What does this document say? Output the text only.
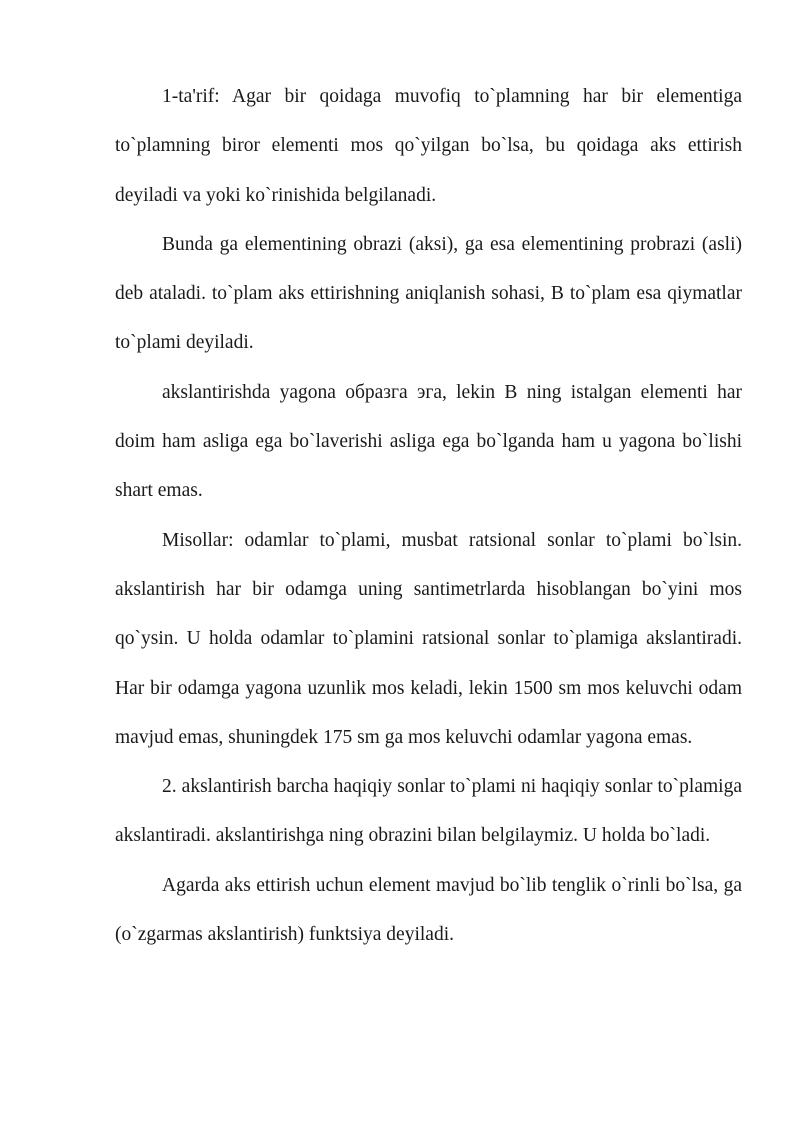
1-ta'rif: Agar bir qoidaga muvofiq to`plamning har bir elementiga to`plamning biror elementi mos qo`yilgan bo`lsa, bu qoidaga aks ettirish deyiladi va yoki ko`rinishida belgilanadi.

Bunda ga elementining obrazi (aksi), ga esa elementining probrazi (asli) deb ataladi. to`plam aks ettirishning aniqlanish sohasi, B to`plam esa qiymatlar to`plami deyiladi.

akslantirishda yagona образга эга, lekin B ning istalgan elementi har doim ham asliga ega bo`laverishi asliga ega bo`lganda ham u yagona bo`lishi shart emas.

Misollar: odamlar to`plami, musbat ratsional sonlar to`plami bo`lsin. akslantirish har bir odamga uning santimetrlarda hisoblangan bo`yini mos qo`ysin. U holda odamlar to`plamini ratsional sonlar to`plamiga akslantiradi. Har bir odamga yagona uzunlik mos keladi, lekin 1500 sm mos keluvchi odam mavjud emas, shuningdek 175 sm ga mos keluvchi odamlar yagona emas.

2. akslantirish barcha haqiqiy sonlar to`plami ni haqiqiy sonlar to`plamiga akslantiradi. akslantirishga ning obrazini bilan belgilaymiz. U holda bo`ladi.

Agarda aks ettirish uchun element mavjud bo`lib tenglik o`rinli bo`lsa, ga (o`zgarmas akslantirish) funktsiya deyiladi.
